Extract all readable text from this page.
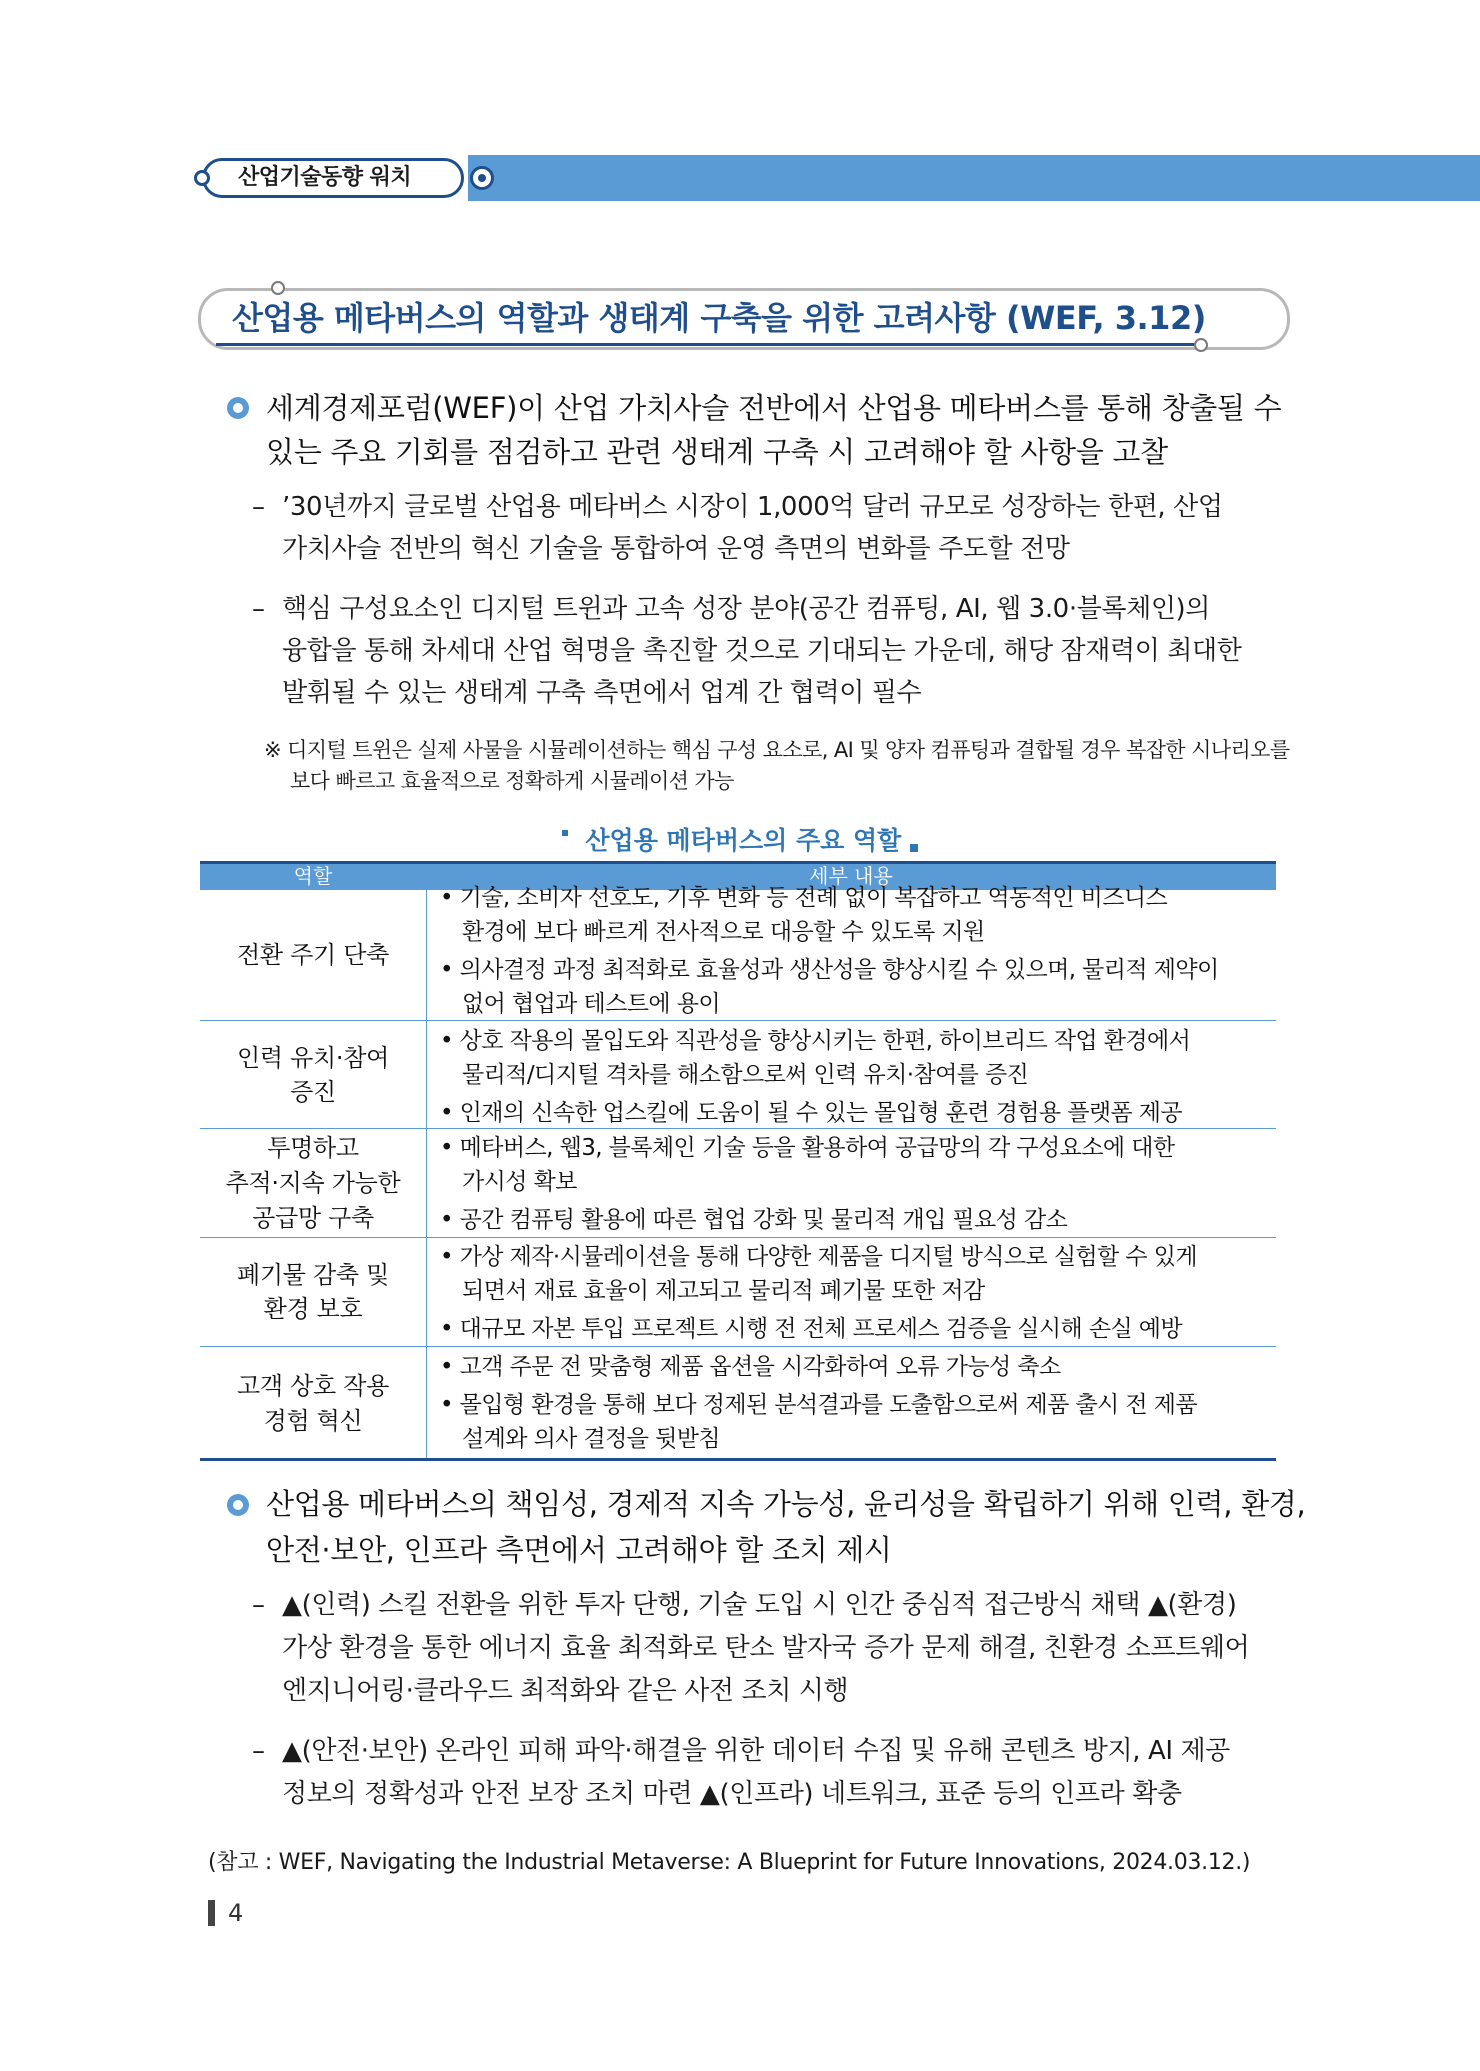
산업기술동향 워치
산업용 메타버스의 역할과 생태계 구축을 위한 고려사항 (WEF, 3.12)
세계경제포럼(WEF)이 산업 가치사슬 전반에서 산업용 메타버스를 통해 창출될 수
있는 주요 기회를 점검하고 관련 생태계 구축 시 고려해야 할 사항을 고찰
– ’30년까지 글로벌 산업용 메타버스 시장이 1,000억 달러 규모로 성장하는 한편, 산업
가치사슬 전반의 혁신 기술을 통합하여 운영 측면의 변화를 주도할 전망
– 핵심 구성요소인 디지털 트윈과 고속 성장 분야(공간 컴퓨팅, AI, 웹 3.0·블록체인)의
융합을 통해 차세대 산업 혁명을 촉진할 것으로 기대되는 가운데, 해당 잠재력이 최대한
발휘될 수 있는 생태계 구축 측면에서 업계 간 협력이 필수
※ 디지털 트윈은 실제 사물을 시뮬레이션하는 핵심 구성 요소로, AI 및 양자 컴퓨팅과 결합될 경우 복잡한 시나리오를
보다 빠르고 효율적으로 정확하게 시뮬레이션 가능
산업용 메타버스의 주요 역할
역할	세부 내용
전환 주기 단축
• 기술, 소비자 선호도, 기후 변화 등 전례 없이 복잡하고 역동적인 비즈니스
환경에 보다 빠르게 전사적으로 대응할 수 있도록 지원
• 의사결정 과정 최적화로 효율성과 생산성을 향상시킬 수 있으며, 물리적 제약이
없어 협업과 테스트에 용이
인력 유치·참여
증진
• 상호 작용의 몰입도와 직관성을 향상시키는 한편, 하이브리드 작업 환경에서
물리적/디지털 격차를 해소함으로써 인력 유치·참여를 증진
• 인재의 신속한 업스킬에 도움이 될 수 있는 몰입형 훈련 경험용 플랫폼 제공
투명하고
추적·지속 가능한
공급망 구축
• 메타버스, 웹3, 블록체인 기술 등을 활용하여 공급망의 각 구성요소에 대한
가시성 확보
• 공간 컴퓨팅 활용에 따른 협업 강화 및 물리적 개입 필요성 감소
폐기물 감축 및
환경 보호
• 가상 제작·시뮬레이션을 통해 다양한 제품을 디지털 방식으로 실험할 수 있게
되면서 재료 효율이 제고되고 물리적 폐기물 또한 저감
• 대규모 자본 투입 프로젝트 시행 전 전체 프로세스 검증을 실시해 손실 예방
고객 상호 작용
경험 혁신
• 고객 주문 전 맞춤형 제품 옵션을 시각화하여 오류 가능성 축소
• 몰입형 환경을 통해 보다 정제된 분석결과를 도출함으로써 제품 출시 전 제품
설계와 의사 결정을 뒷받침
산업용 메타버스의 책임성, 경제적 지속 가능성, 윤리성을 확립하기 위해 인력, 환경,
안전·보안, 인프라 측면에서 고려해야 할 조치 제시
– ▲(인력) 스킬 전환을 위한 투자 단행, 기술 도입 시 인간 중심적 접근방식 채택 ▲(환경)
가상 환경을 통한 에너지 효율 최적화로 탄소 발자국 증가 문제 해결, 친환경 소프트웨어
엔지니어링·클라우드 최적화와 같은 사전 조치 시행
– ▲(안전·보안) 온라인 피해 파악·해결을 위한 데이터 수집 및 유해 콘텐츠 방지, AI 제공
정보의 정확성과 안전 보장 조치 마련 ▲(인프라) 네트워크, 표준 등의 인프라 확충
(참고 : WEF, Navigating the Industrial Metaverse: A Blueprint for Future Innovations, 2024.03.12.)
4
